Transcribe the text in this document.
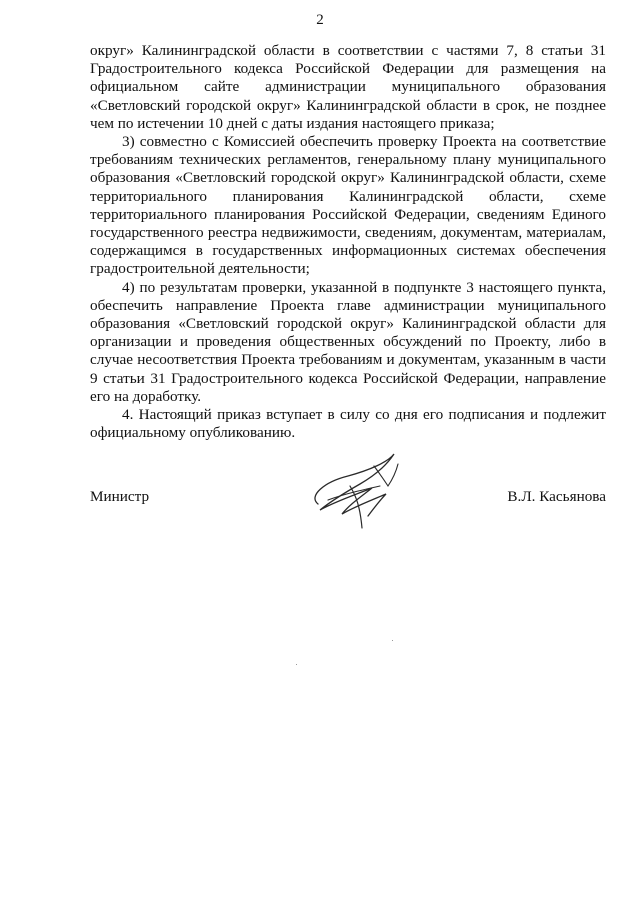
2

округ» Калининградской области в соответствии с частями 7, 8 статьи 31 Градостроительного кодекса Российской Федерации для размещения на официальном сайте администрации муниципального образования «Светловский городской округ» Калининградской области в срок, не позднее чем по истечении 10 дней с даты издания настоящего приказа;

3) совместно с Комиссией обеспечить проверку Проекта на соответствие требованиям технических регламентов, генеральному плану муниципального образования «Светловский городской округ» Калининградской области, схеме территориального планирования Калининградской области, схеме территориального планирования Российской Федерации, сведениям Единого государственного реестра недвижимости, сведениям, документам, материалам, содержащимся в государственных информационных системах обеспечения градостроительной деятельности;

4) по результатам проверки, указанной в подпункте 3 настоящего пункта, обеспечить направление Проекта главе администрации муниципального образования «Светловский городской округ» Калининградской области для организации и проведения общественных обсуждений по Проекту, либо в случае несоответствия Проекта требованиям и документам, указанным в части 9 статьи 31 Градостроительного кодекса Российской Федерации, направление его на доработку.

4. Настоящий приказ вступает в силу со дня его подписания и подлежит официальному опубликованию.

Министр	В.Л. Касьянова
